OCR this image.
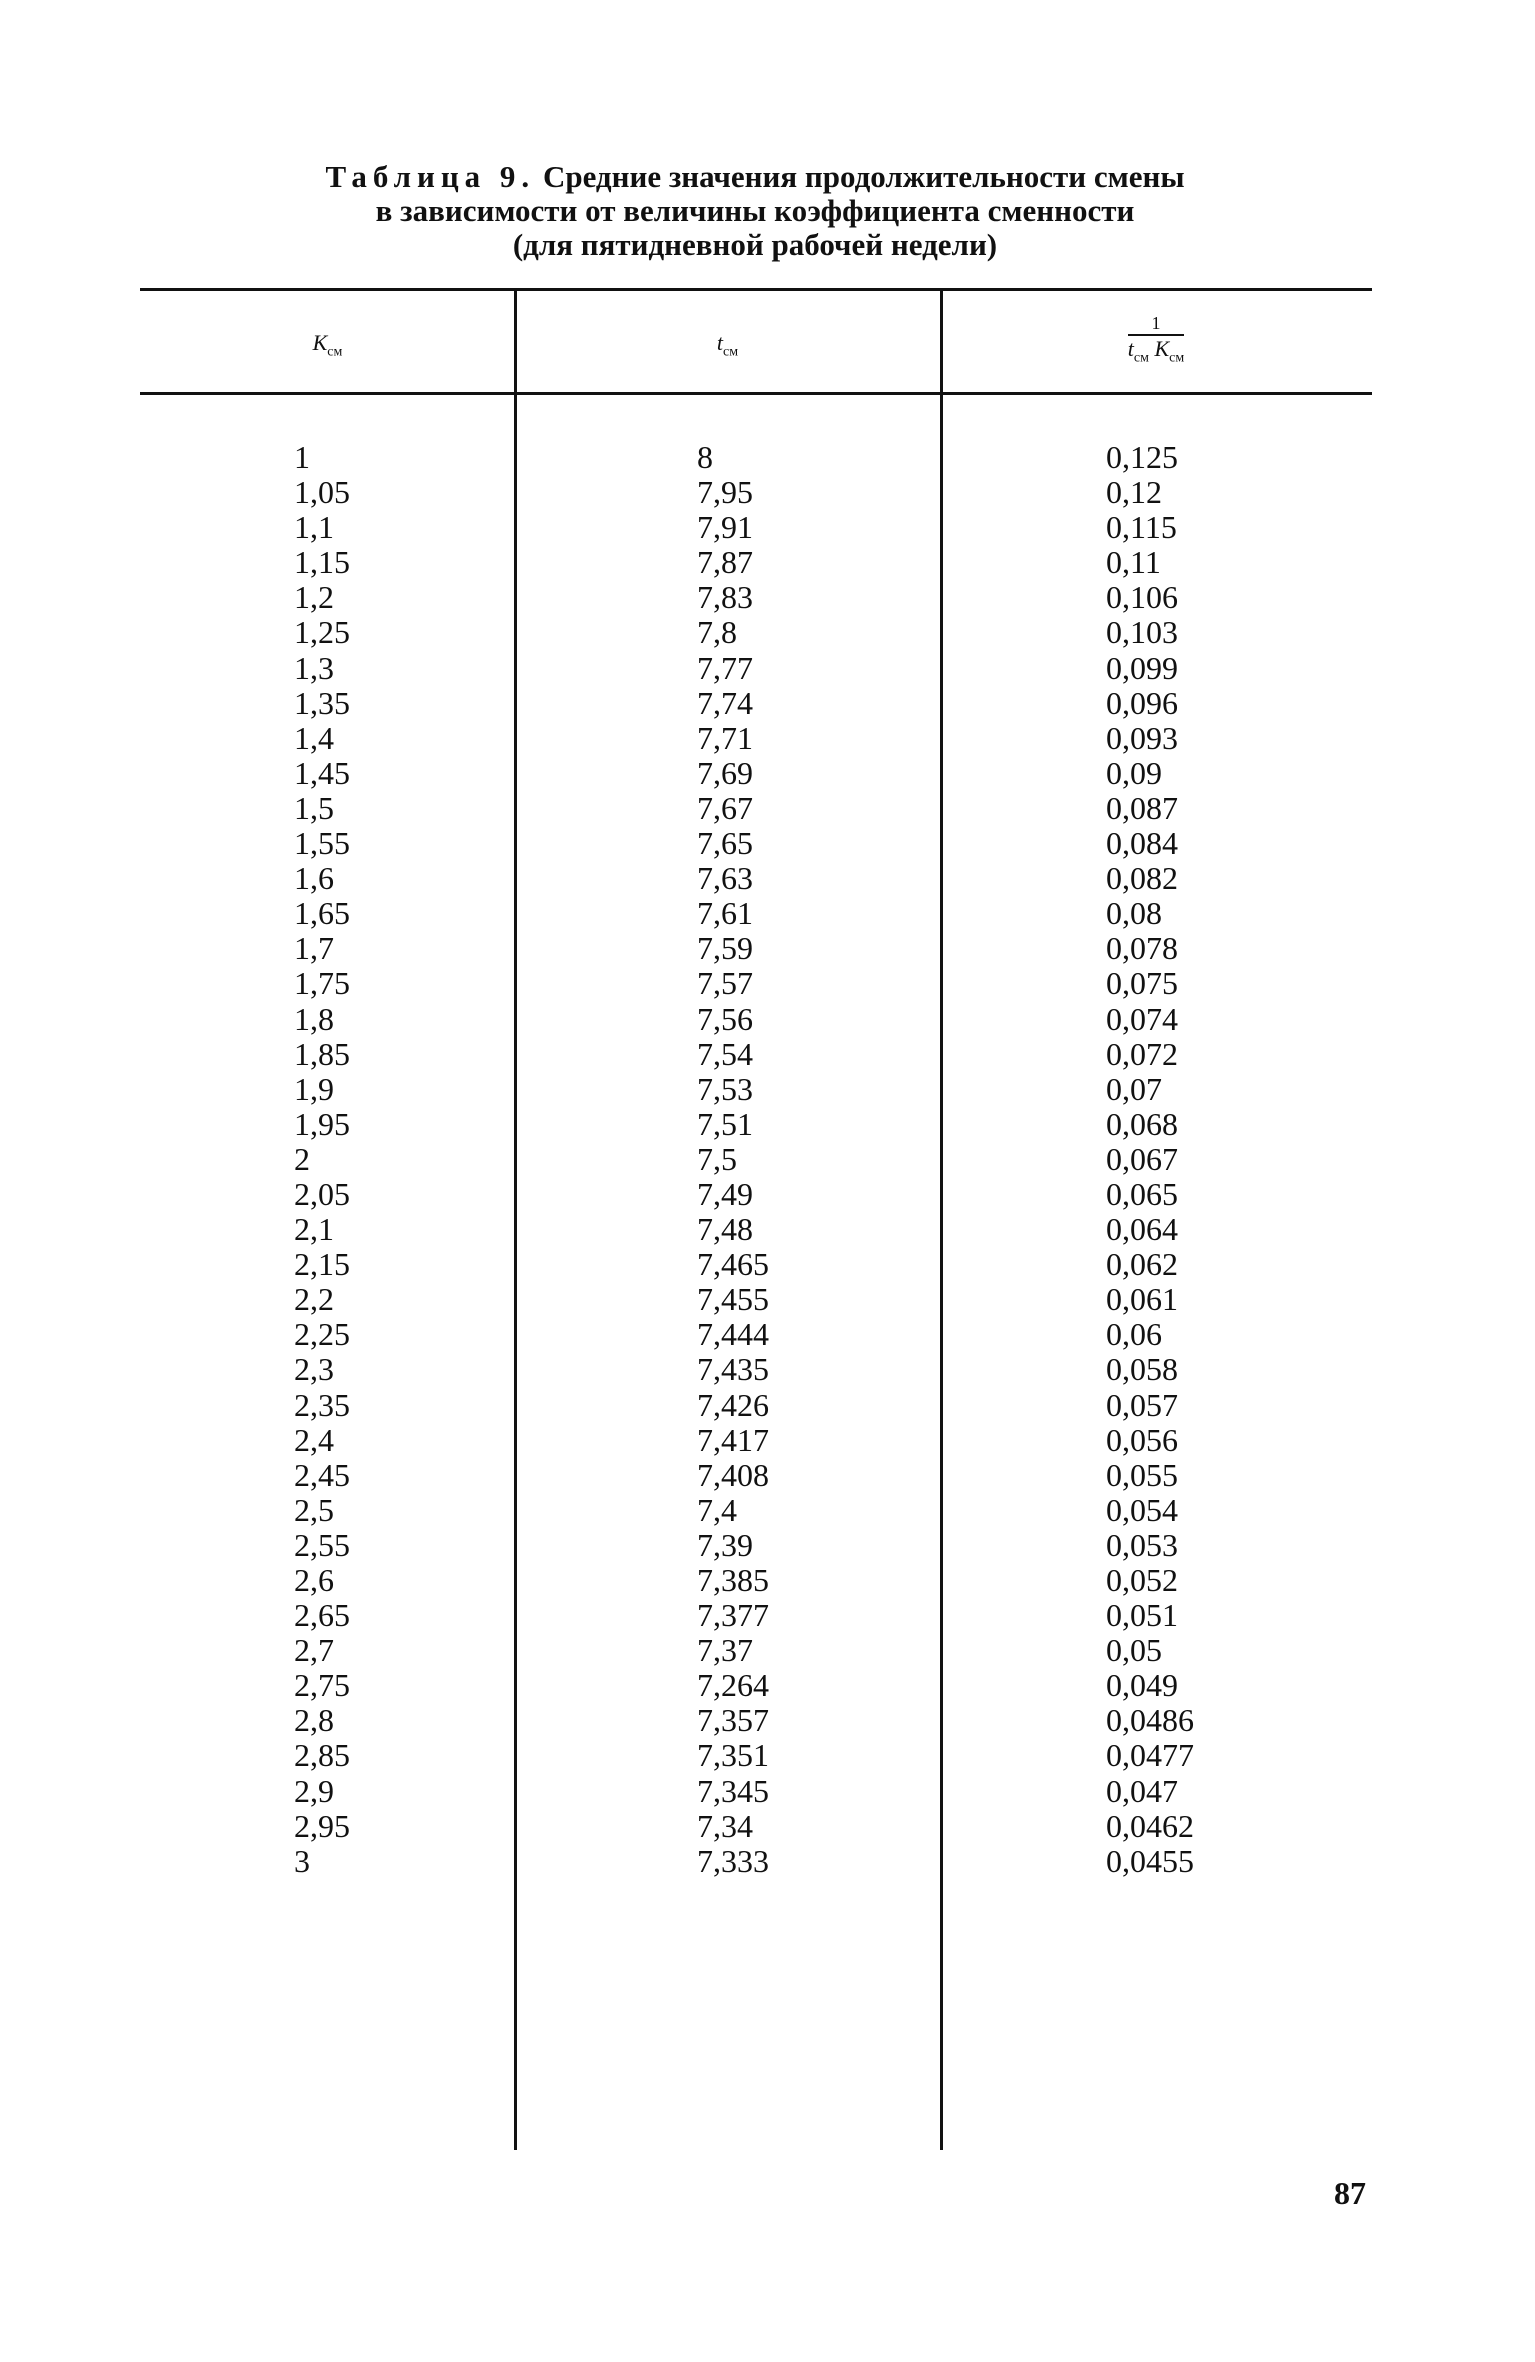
Таблица 9. Средние значения продолжительности смены
в зависимости от величины коэффициента сменности
(для пятидневной рабочей недели)
$K_{см}$	$t_{см}$	$\frac{1}{t_{см} K_{см}}$
1
1,05
1,1
1,15
1,2
1,25
1,3
1,35
1,4
1,45
1,5
1,55
1,6
1,65
1,7
1,75
1,8
1,85
1,9
1,95
2
2,05
2,1
2,15
2,2
2,25
2,3
2,35
2,4
2,45
2,5
2,55
2,6
2,65
2,7
2,75
2,8
2,85
2,9
2,95
3
8
7,95
7,91
7,87
7,83
7,8
7,77
7,74
7,71
7,69
7,67
7,65
7,63
7,61
7,59
7,57
7,56
7,54
7,53
7,51
7,5
7,49
7,48
7,465
7,455
7,444
7,435
7,426
7,417
7,408
7,4
7,39
7,385
7,377
7,37
7,264
7,357
7,351
7,345
7,34
7,333
0,125
0,12
0,115
0,11
0,106
0,103
0,099
0,096
0,093
0,09
0,087
0,084
0,082
0,08
0,078
0,075
0,074
0,072
0,07
0,068
0,067
0,065
0,064
0,062
0,061
0,06
0,058
0,057
0,056
0,055
0,054
0,053
0,052
0,051
0,05
0,049
0,0486
0,0477
0,047
0,0462
0,0455
87
